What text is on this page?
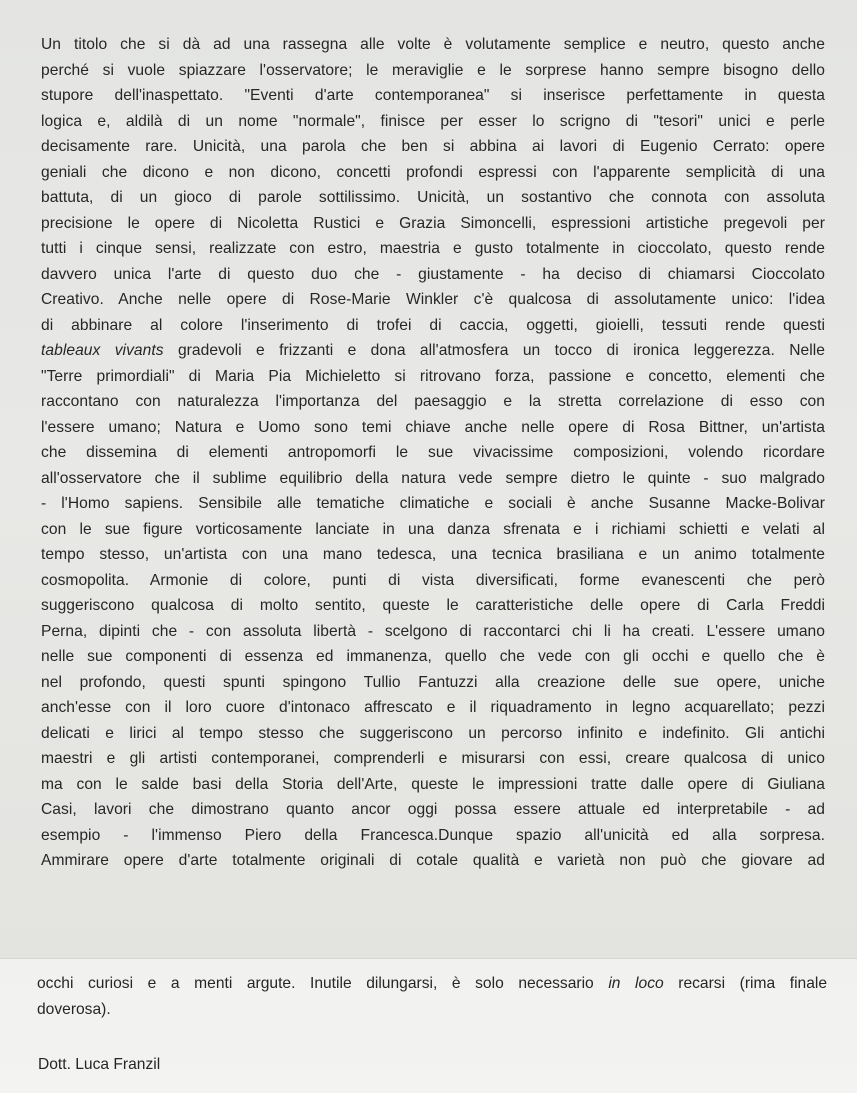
Un titolo che si dà ad una rassegna alle volte è volutamente semplice e neutro, questo anche
perché si vuole spiazzare l'osservatore; le meraviglie e le sorprese hanno sempre bisogno dello
stupore dell'inaspettato. "Eventi d'arte contemporanea" si inserisce perfettamente in questa
logica e, aldilà di un nome "normale", finisce per esser lo scrigno di "tesori" unici e perle
decisamente rare. Unicità, una parola che ben si abbina ai lavori di Eugenio Cerrato: opere
geniali che dicono e non dicono, concetti profondi espressi con l'apparente semplicità di una
battuta, di un gioco di parole sottilissimo. Unicità, un sostantivo che connota con assoluta
precisione le opere di Nicoletta Rustici e Grazia Simoncelli, espressioni artistiche pregevoli per
tutti i cinque sensi, realizzate con estro, maestria e gusto totalmente in cioccolato, questo rende
davvero unica l'arte di questo duo che - giustamente - ha deciso di chiamarsi Cioccolato
Creativo. Anche nelle opere di Rose-Marie Winkler c'è qualcosa di assolutamente unico: l'idea
di abbinare al colore l'inserimento di trofei di caccia, oggetti, gioielli, tessuti rende questi
tableaux vivants gradevoli e frizzanti e dona all'atmosfera un tocco di ironica leggerezza. Nelle
"Terre primordiali" di Maria Pia Michieletto si ritrovano forza, passione e concetto, elementi che
raccontano con naturalezza l'importanza del paesaggio e la stretta correlazione di esso con
l'essere umano; Natura e Uomo sono temi chiave anche nelle opere di Rosa Bittner, un'artista
che dissemina di elementi antropomorfi le sue vivacissime composizioni, volendo ricordare
all'osservatore che il sublime equilibrio della natura vede sempre dietro le quinte - suo malgrado
- l'Homo sapiens. Sensibile alle tematiche climatiche e sociali è anche Susanne Macke-Bolivar
con le sue figure vorticosamente lanciate in una danza sfrenata e i richiami schietti e velati al
tempo stesso, un'artista con una mano tedesca, una tecnica brasiliana e un animo totalmente
cosmopolita. Armonie di colore, punti di vista diversificati, forme evanescenti che però
suggeriscono qualcosa di molto sentito, queste le caratteristiche delle opere di Carla Freddi
Perna, dipinti che - con assoluta libertà - scelgono di raccontarci chi li ha creati. L'essere umano
nelle sue componenti di essenza ed immanenza, quello che vede con gli occhi e quello che è
nel profondo, questi spunti spingono Tullio Fantuzzi alla creazione delle sue opere, uniche
anch'esse con il loro cuore d'intonaco affrescato e il riquadramento in legno acquarellato; pezzi
delicati e lirici al tempo stesso che suggeriscono un percorso infinito e indefinito. Gli antichi
maestri e gli artisti contemporanei, comprenderli e misurarsi con essi, creare qualcosa di unico
ma con le salde basi della Storia dell'Arte, queste le impressioni tratte dalle opere di Giuliana
Casi, lavori che dimostrano quanto ancor oggi possa essere attuale ed interpretabile - ad
esempio - l'immenso Piero della Francesca.Dunque spazio all'unicità ed alla sorpresa.
Ammirare opere d'arte totalmente originali di cotale qualità e varietà non può che giovare ad
occhi curiosi e a menti argute. Inutile dilungarsi, è solo necessario in loco recarsi (rima finale
doverosa).

Dott. Luca Franzil
